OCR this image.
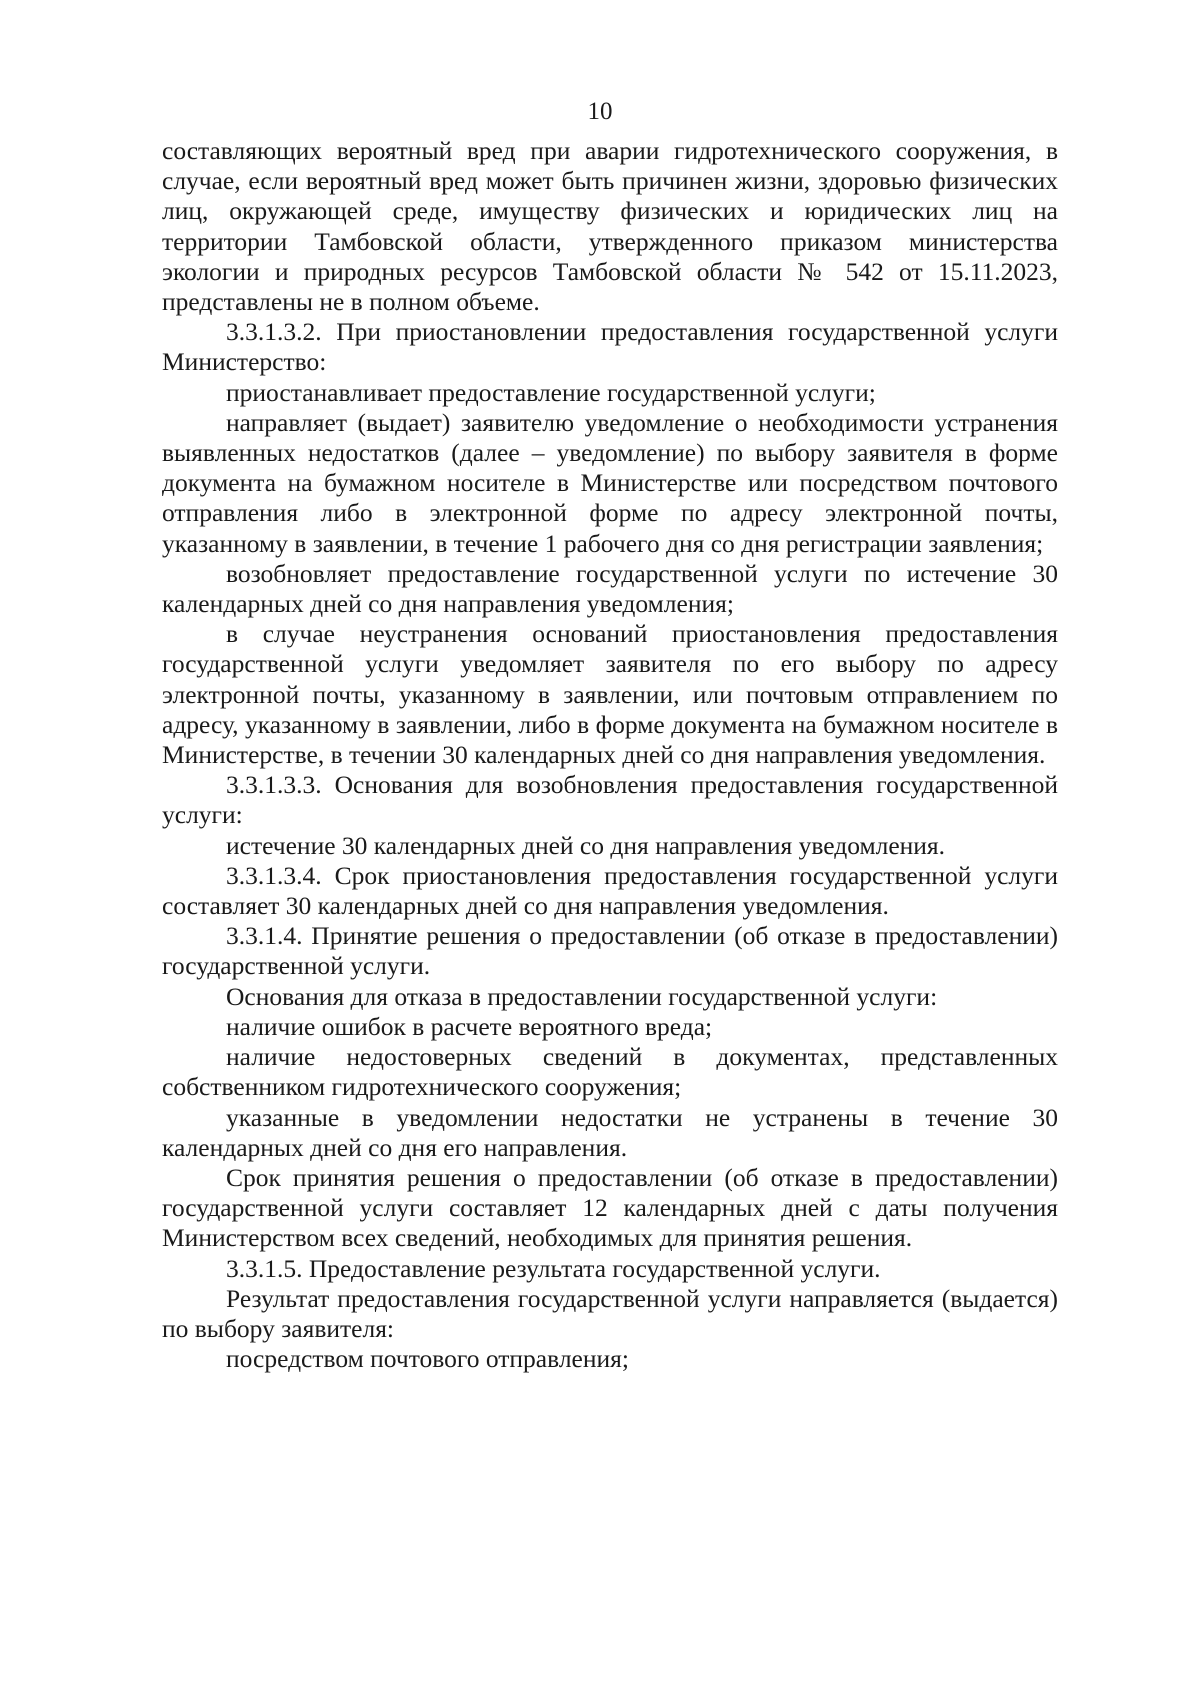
10

составляющих вероятный вред при аварии гидротехнического сооружения, в случае, если вероятный вред может быть причинен жизни, здоровью физических лиц, окружающей среде, имуществу физических и юридических лиц на территории Тамбовской области, утвержденного приказом министерства экологии и природных ресурсов Тамбовской области № 542 от 15.11.2023, представлены не в полном объеме.

3.3.1.3.2. При приостановлении предоставления государственной услуги Министерство:

приостанавливает предоставление государственной услуги;

направляет (выдает) заявителю уведомление о необходимости устранения выявленных недостатков (далее – уведомление) по выбору заявителя в форме документа на бумажном носителе в Министерстве или посредством почтового отправления либо в электронной форме по адресу электронной почты, указанному в заявлении, в течение 1 рабочего дня со дня регистрации заявления;

возобновляет предоставление государственной услуги по истечение 30 календарных дней со дня направления уведомления;

в случае неустранения оснований приостановления предоставления государственной услуги уведомляет заявителя по его выбору по адресу электронной почты, указанному в заявлении, или почтовым отправлением по адресу, указанному в заявлении, либо в форме документа на бумажном носителе в Министерстве, в течении 30 календарных дней со дня направления уведомления.

3.3.1.3.3. Основания для возобновления предоставления государственной услуги:

истечение 30 календарных дней со дня направления уведомления.

3.3.1.3.4. Срок приостановления предоставления государственной услуги составляет 30 календарных дней со дня направления уведомления.

3.3.1.4. Принятие решения о предоставлении (об отказе в предоставлении) государственной услуги.

Основания для отказа в предоставлении государственной услуги:

наличие ошибок в расчете вероятного вреда;

наличие недостоверных сведений в документах, представленных собственником гидротехнического сооружения;

указанные в уведомлении недостатки не устранены в течение 30 календарных дней со дня его направления.

Срок принятия решения о предоставлении (об отказе в предоставлении) государственной услуги составляет 12 календарных дней с даты получения Министерством всех сведений, необходимых для принятия решения.

3.3.1.5. Предоставление результата государственной услуги.

Результат предоставления государственной услуги направляется (выдается) по выбору заявителя:

посредством почтового отправления;
